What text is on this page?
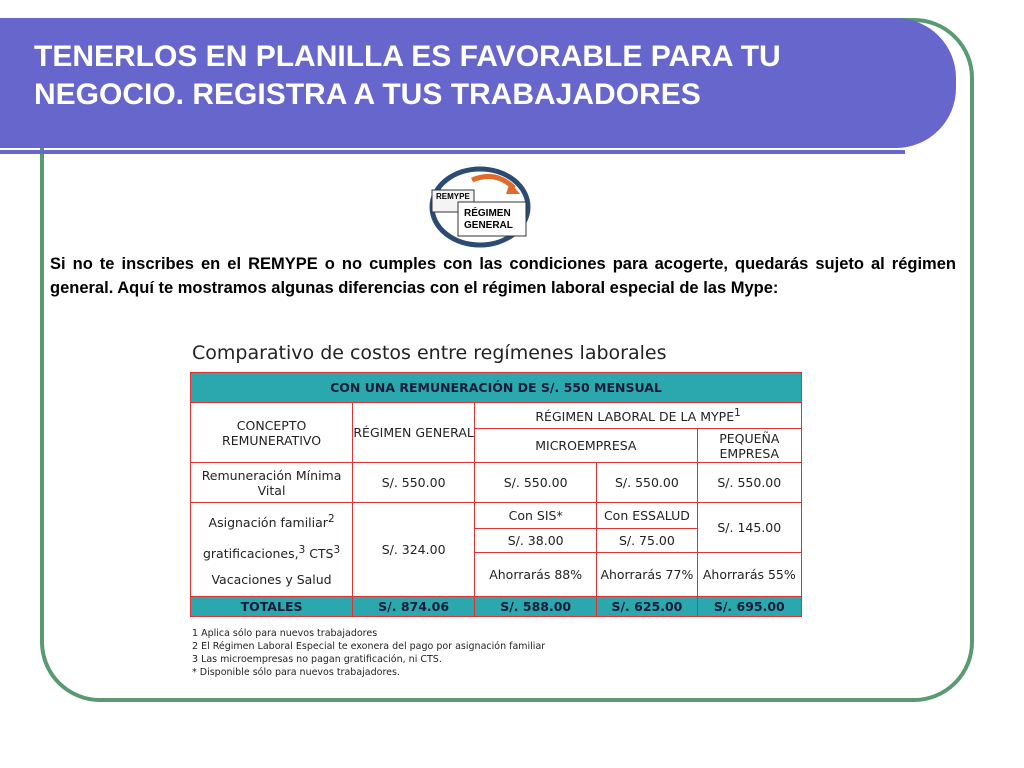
TENERLOS EN PLANILLA ES FAVORABLE PARA TU NEGOCIO. REGISTRA A TUS TRABAJADORES
REMYPE
RÉGIMEN
GENERAL
Si no te inscribes en el REMYPE o no cumples con las condiciones para acogerte, quedarás sujeto al régimen general. Aquí te mostramos algunas diferencias con el régimen laboral especial de las Mype:
Comparativo de costos entre regímenes laborales
CON UNA REMUNERACIÓN DE S/. 550 MENSUAL				
CONCEPTO REMUNERATIVO	RÉGIMEN GENERAL	RÉGIMEN LABORAL DE LA MYPE$^1$
		MICROEMPRESA		PEQUEÑA EMPRESA
Remuneración Mínima Vital	S/. 550.00	S/. 550.00	S/. 550.00	S/. 550.00

Asignación familiar$^2$
gratificaciones,$^3$ CTS$^3$
Vacaciones y Salud	S/. 324.00	Con SIS*	Con ESSALUD	S/. 145.00
		S/. 38.00	S/. 75.00	
		Ahorrarás 88%	Ahorrarás 77%	Ahorrarás 55%
TOTALES	S/. 874.06	S/. 588.00	S/. 625.00	S/. 695.00
1 Aplica sólo para nuevos trabajadores
2 El Régimen Laboral Especial te exonera del pago por asignación familiar
3 Las microempresas no pagan gratificación, ni CTS.
* Disponible sólo para nuevos trabajadores.
